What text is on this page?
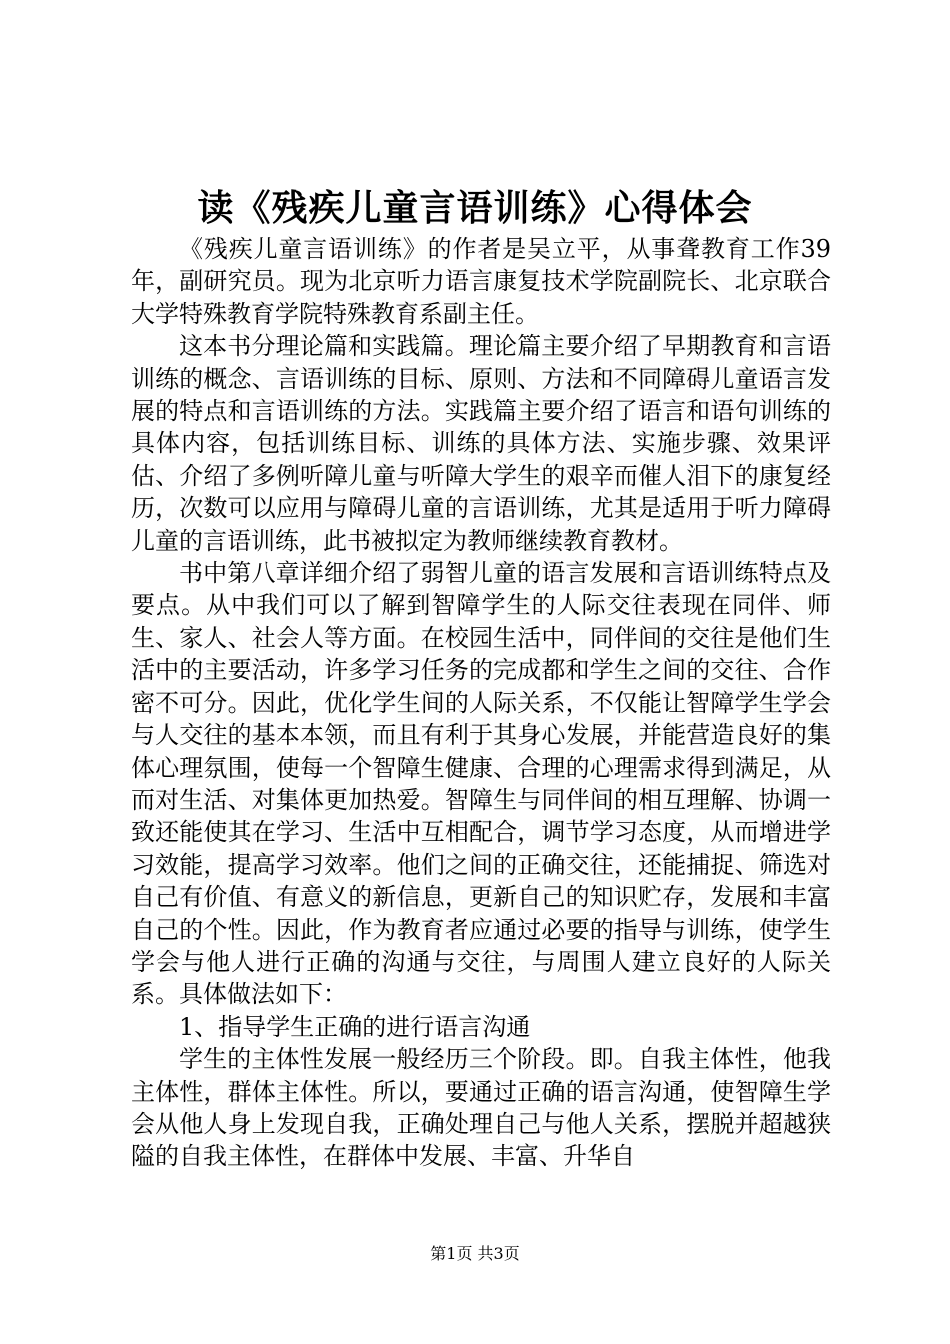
读《残疾儿童言语训练》心得体会

《残疾儿童言语训练》的作者是吴立平，从事聋教育工作39年，副研究员。现为北京听力语言康复技术学院副院长、北京联合大学特殊教育学院特殊教育系副主任。

这本书分理论篇和实践篇。理论篇主要介绍了早期教育和言语训练的概念、言语训练的目标、原则、方法和不同障碍儿童语言发展的特点和言语训练的方法。实践篇主要介绍了语言和语句训练的具体内容，包括训练目标、训练的具体方法、实施步骤、效果评估、介绍了多例听障儿童与听障大学生的艰辛而催人泪下的康复经历，次数可以应用与障碍儿童的言语训练，尤其是适用于听力障碍儿童的言语训练，此书被拟定为教师继续教育教材。

书中第八章详细介绍了弱智儿童的语言发展和言语训练特点及要点。从中我们可以了解到智障学生的人际交往表现在同伴、师生、家人、社会人等方面。在校园生活中，同伴间的交往是他们生活中的主要活动，许多学习任务的完成都和学生之间的交往、合作密不可分。因此，优化学生间的人际关系，不仅能让智障学生学会与人交往的基本本领，而且有利于其身心发展，并能营造良好的集体心理氛围，使每一个智障生健康、合理的心理需求得到满足，从而对生活、对集体更加热爱。智障生与同伴间的相互理解、协调一致还能使其在学习、生活中互相配合，调节学习态度，从而增进学习效能，提高学习效率。他们之间的正确交往，还能捕捉、筛选对自己有价值、有意义的新信息，更新自己的知识贮存，发展和丰富自己的个性。因此，作为教育者应通过必要的指导与训练，使学生学会与他人进行正确的沟通与交往，与周围人建立良好的人际关系。具体做法如下：

1、指导学生正确的进行语言沟通

学生的主体性发展一般经历三个阶段。即。自我主体性，他我主体性，群体主体性。所以，要通过正确的语言沟通，使智障生学会从他人身上发现自我，正确处理自己与他人关系，摆脱并超越狭隘的自我主体性，在群体中发展、丰富、升华自

第1页 共3页
